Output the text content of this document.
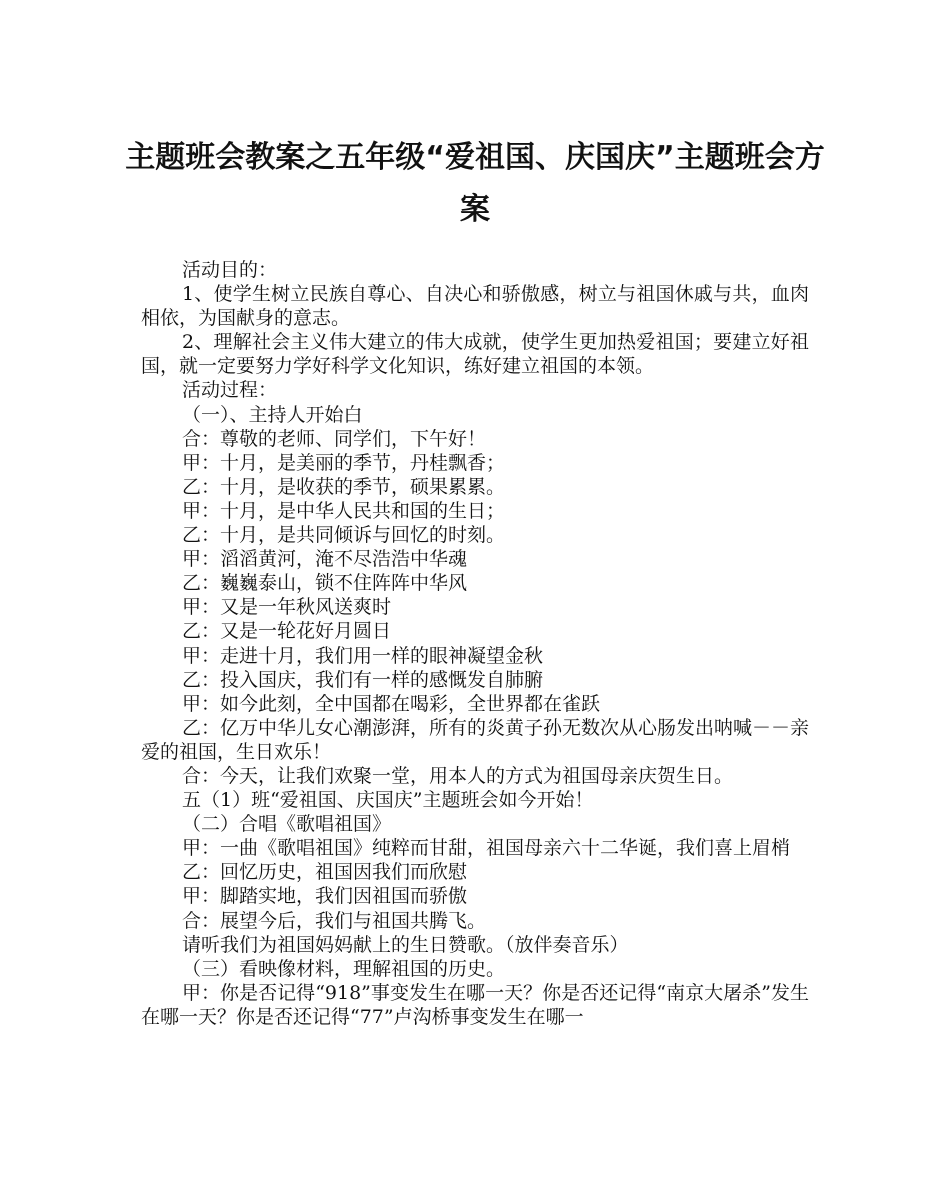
主题班会教案之五年级“爱祖国、庆国庆”主题班会方案

活动目的：

1、使学生树立民族自尊心、自决心和骄傲感，树立与祖国休戚与共，血肉相依，为国献身的意志。

2、理解社会主义伟大建立的伟大成就，使学生更加热爱祖国；要建立好祖国，就一定要努力学好科学文化知识，练好建立祖国的本领。

活动过程：

（一）、主持人开始白

合：尊敬的老师、同学们，下午好！

甲：十月，是美丽的季节，丹桂飘香；

乙：十月，是收获的季节，硕果累累。

甲：十月，是中华人民共和国的生日；

乙：十月，是共同倾诉与回忆的时刻。

甲：滔滔黄河，淹不尽浩浩中华魂

乙：巍巍泰山，锁不住阵阵中华风

甲：又是一年秋风送爽时

乙：又是一轮花好月圆日

甲：走进十月，我们用一样的眼神凝望金秋

乙：投入国庆，我们有一样的感慨发自肺腑

甲：如今此刻，全中国都在喝彩，全世界都在雀跃

乙：亿万中华儿女心潮澎湃，所有的炎黄子孙无数次从心肠发出呐喊－－亲爱的祖国，生日欢乐！

合：今天，让我们欢聚一堂，用本人的方式为祖国母亲庆贺生日。

五（1）班“爱祖国、庆国庆”主题班会如今开始！

（二）合唱《歌唱祖国》

甲：一曲《歌唱祖国》纯粹而甘甜，祖国母亲六十二华诞，我们喜上眉梢

乙：回忆历史，祖国因我们而欣慰

甲：脚踏实地，我们因祖国而骄傲

合：展望今后，我们与祖国共腾飞。

请听我们为祖国妈妈献上的生日赞歌。（放伴奏音乐）

（三）看映像材料，理解祖国的历史。

甲：你是否记得“918”事变发生在哪一天？你是否还记得“南京大屠杀”发生在哪一天？你是否还记得“77”卢沟桥事变发生在哪一
